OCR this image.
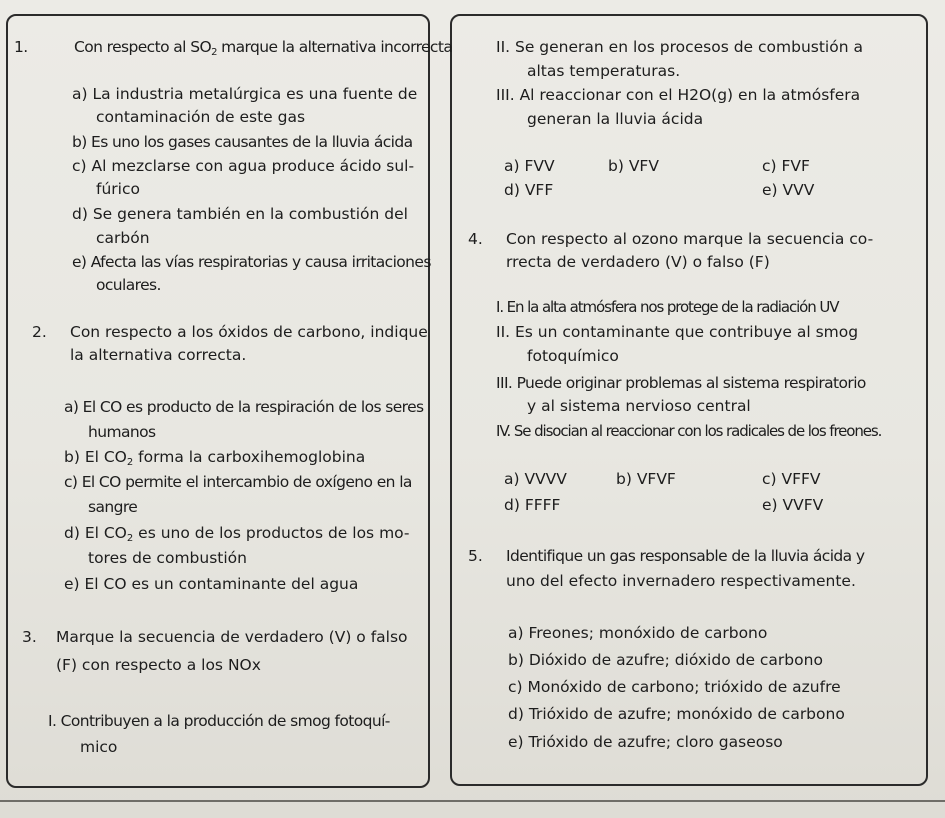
1.	Con respecto al $SO_2$ marque la alternativa incorrecta
a) La industria metalúrgica es una fuente de
contaminación de este gas
b) Es uno los gases causantes de la lluvia ácida
c) Al mezclarse con agua produce ácido sul-
fúrico
d) Se genera también en la combustión del
carbón
e) Afecta las vías respiratorias y causa irritaciones
oculares.
2. Con respecto a los óxidos de carbono, indique
la alternativa correcta.
a) El CO es producto de la respiración de los seres
humanos
b) El $CO_2$ forma la carboxihemoglobina
c) El CO permite el intercambio de oxígeno en la
sangre
d) El $CO_2$ es uno de los productos de los mo-
tores de combustión
e) El CO es un contaminante del agua
3. Marque la secuencia de verdadero (V) o falso
(F) con respecto a los NOx
I. Contribuyen a la producción de smog fotoquí-
mico
II. Se generan en los procesos de combustión a
altas temperaturas.
III. Al reaccionar con el H2O(g) en la atmósfera
generan la lluvia ácida
a) FVV	b) VFV	c) FVF
d) VFF	e) VVV
4. Con respecto al ozono marque la secuencia co-
rrecta de verdadero (V) o falso (F)
I. En la alta atmósfera nos protege de la radiación UV
II. Es un contaminante que contribuye al smog
fotoquímico
III. Puede originar problemas al sistema respiratorio
y al sistema nervioso central
IV. Se disocian al reaccionar con los radicales de los freones.
a) VVVV	b) VFVF	c) VFFV
d) FFFF	e) VVFV
5. Identifique un gas responsable de la lluvia ácida y
uno del efecto invernadero respectivamente.
a) Freones; monóxido de carbono
b) Dióxido de azufre; dióxido de carbono
c) Monóxido de carbono; trióxido de azufre
d) Trióxido de azufre; monóxido de carbono
e) Trióxido de azufre; cloro gaseoso
